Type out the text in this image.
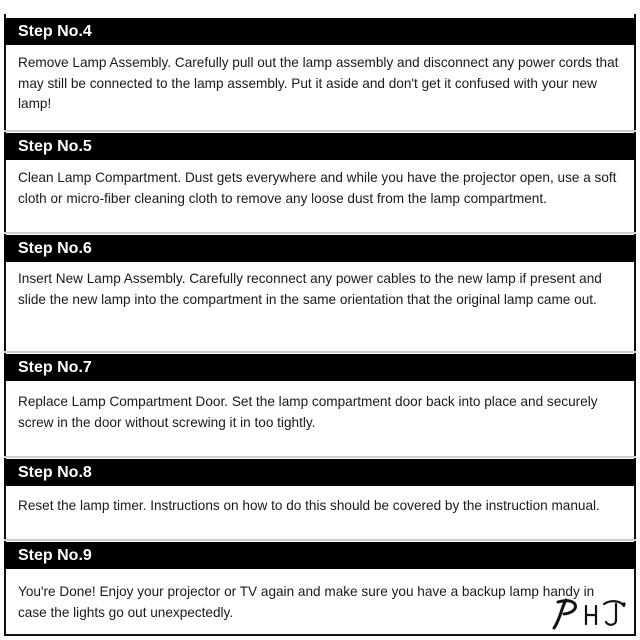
Step No.4
Remove Lamp Assembly. Carefully pull out the lamp assembly and disconnect any power cords that may still be connected to the lamp assembly. Put it aside and don't get it confused with your new lamp!
Step No.5
Clean Lamp Compartment. Dust gets everywhere and while you have the projector open, use a soft cloth or micro-fiber cleaning cloth to remove any loose dust from the lamp compartment.
Step No.6
Insert New Lamp Assembly. Carefully reconnect any power cables to the new lamp if present and slide the new lamp into the compartment in the same orientation that the original lamp came out.
Step No.7
Replace Lamp Compartment Door. Set the lamp compartment door back into place and securely screw in the door without screwing it in too tightly.
Step No.8
Reset the lamp timer. Instructions on how to do this should be covered by the instruction manual.
Step No.9
You're Done! Enjoy your projector or TV again and make sure you have a backup lamp handy in case the lights go out unexpectedly.
